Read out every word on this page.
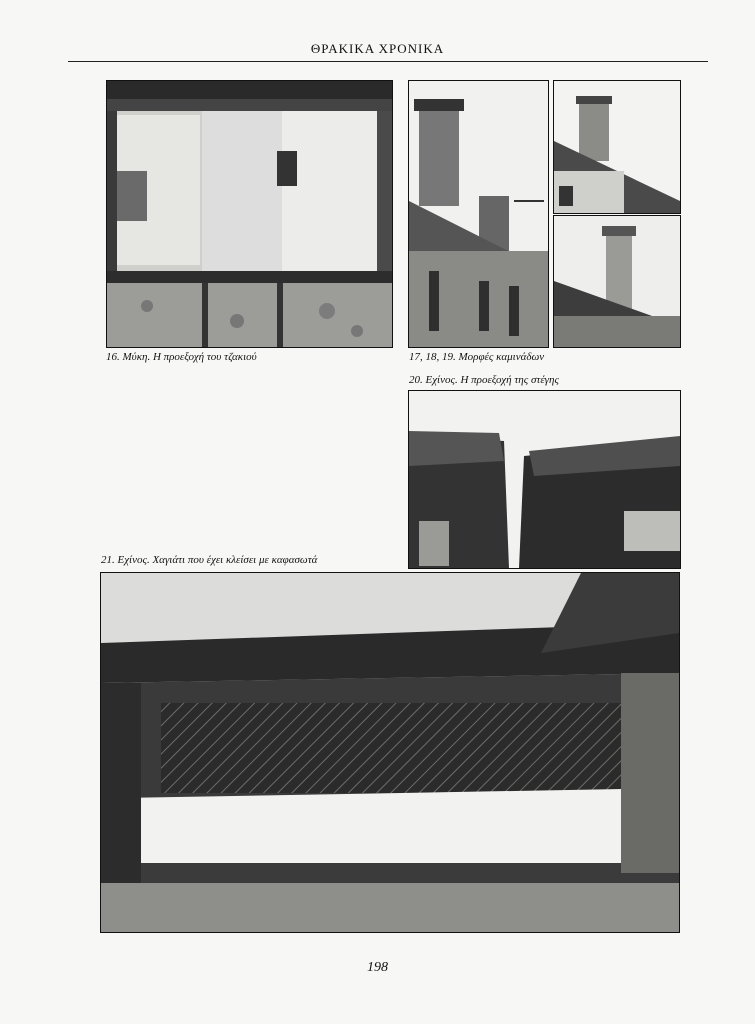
ΘΡΑΚΙΚΑ ΧΡΟΝΙΚΑ
16. Μύκη. Η προεξοχή του τζακιού	17, 18, 19. Μορφές καμινάδων
20. Εχίνος. Η προεξοχή της στέγης
21. Εχίνος. Χαγιάτι που έχει κλείσει με καφασωτά
198
